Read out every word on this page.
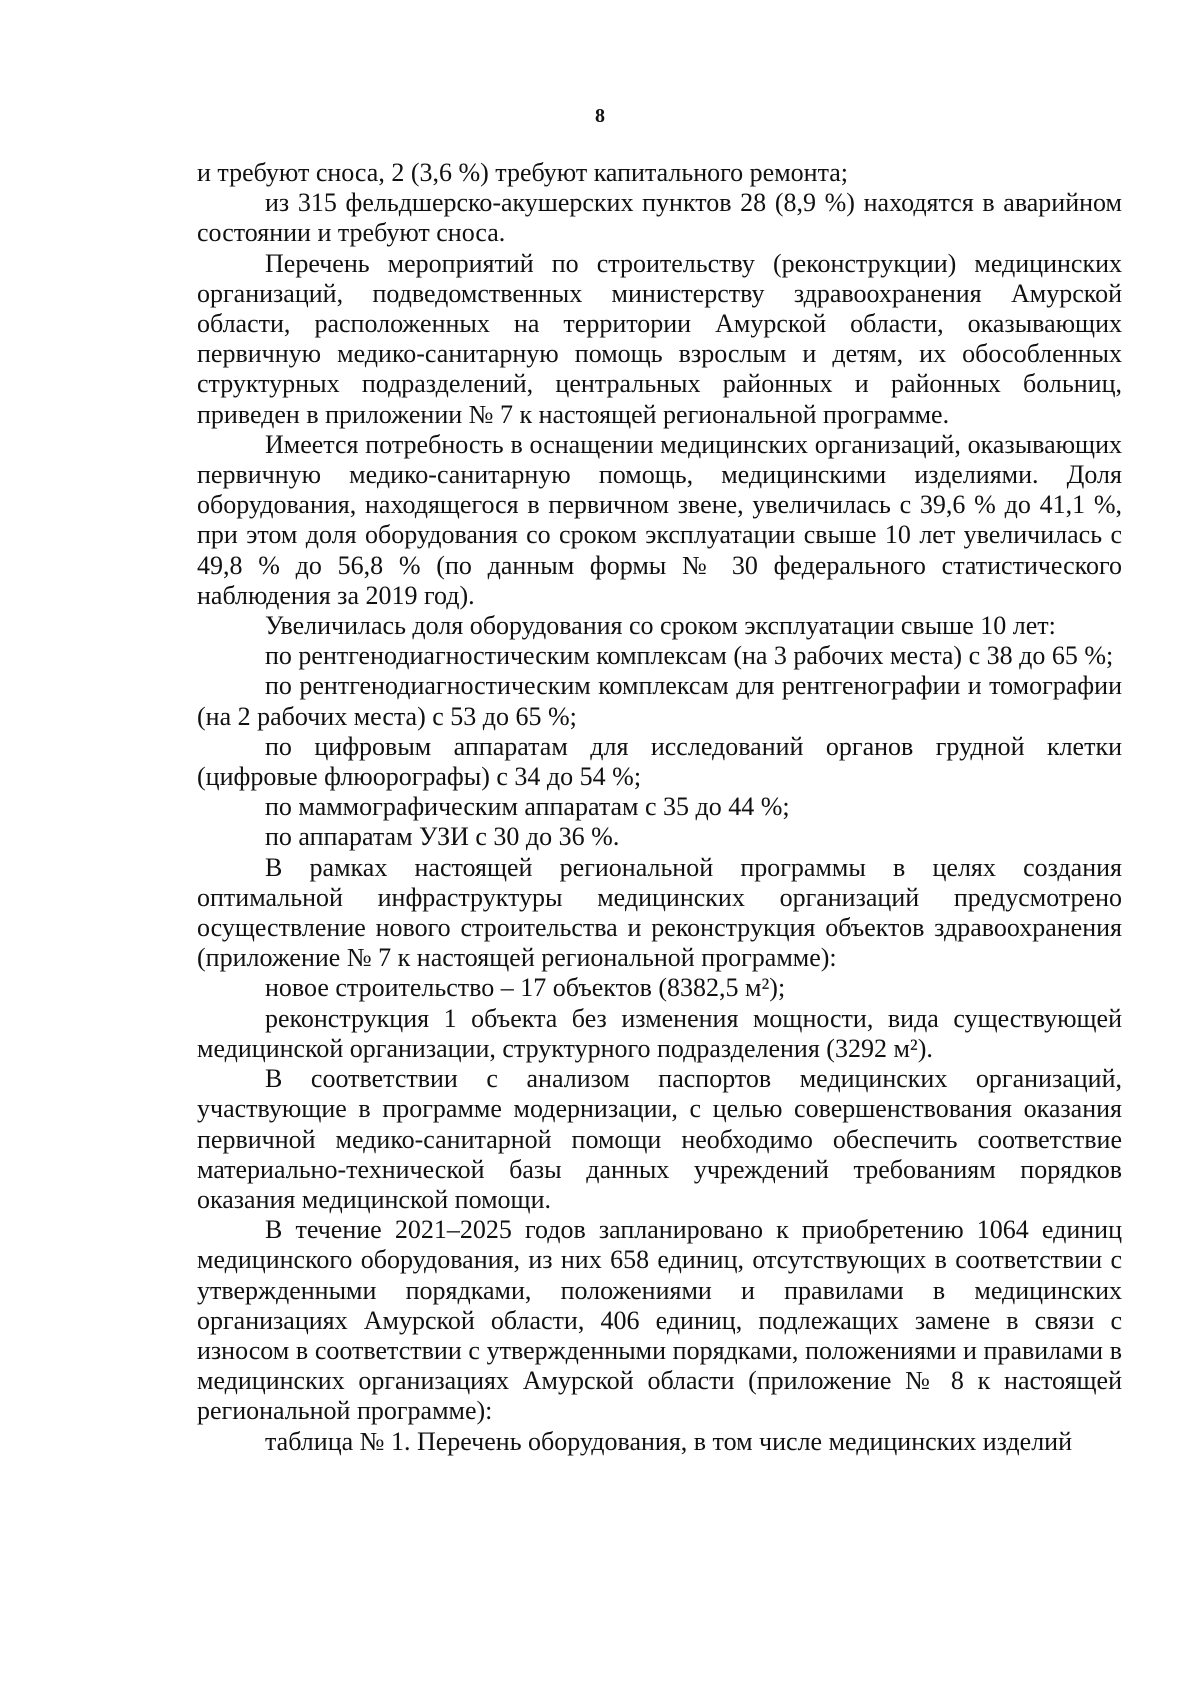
8

и требуют сноса, 2 (3,6 %) требуют капитального ремонта;

из 315 фельдшерско-акушерских пунктов 28 (8,9 %) находятся в аварийном состоянии и требуют сноса.

Перечень мероприятий по строительству (реконструкции) медицинских организаций, подведомственных министерству здравоохранения Амурской области, расположенных на территории Амурской области, оказывающих первичную медико-санитарную помощь взрослым и детям, их обособленных структурных подразделений, центральных районных и районных больниц, приведен в приложении № 7 к настоящей региональной программе.

Имеется потребность в оснащении медицинских организаций, оказывающих первичную медико-санитарную помощь, медицинскими изделиями. Доля оборудования, находящегося в первичном звене, увеличилась с 39,6 % до 41,1 %, при этом доля оборудования со сроком эксплуатации свыше 10 лет увеличилась с 49,8 % до 56,8 % (по данным формы № 30 федерального статистического наблюдения за 2019 год).

Увеличилась доля оборудования со сроком эксплуатации свыше 10 лет:

по рентгенодиагностическим комплексам (на 3 рабочих места) с 38 до 65 %;

по рентгенодиагностическим комплексам для рентгенографии и томографии (на 2 рабочих места) с 53 до 65 %;

по цифровым аппаратам для исследований органов грудной клетки (цифровые флюорографы) с 34 до 54 %;

по маммографическим аппаратам с 35 до 44 %;

по аппаратам УЗИ с 30 до 36 %.

В рамках настоящей региональной программы в целях создания оптимальной инфраструктуры медицинских организаций предусмотрено осуществление нового строительства и реконструкция объектов здравоохранения (приложение № 7 к настоящей региональной программе):

новое строительство – 17 объектов (8382,5 м²);

реконструкция 1 объекта без изменения мощности, вида существующей медицинской организации, структурного подразделения (3292 м²).

В соответствии с анализом паспортов медицинских организаций, участвующие в программе модернизации, с целью совершенствования оказания первичной медико-санитарной помощи необходимо обеспечить соответствие материально-технической базы данных учреждений требованиям порядков оказания медицинской помощи.

В течение 2021–2025 годов запланировано к приобретению 1064 единиц медицинского оборудования, из них 658 единиц, отсутствующих в соответствии с утвержденными порядками, положениями и правилами в медицинских организациях Амурской области, 406 единиц, подлежащих замене в связи с износом в соответствии с утвержденными порядками, положениями и правилами в медицинских организациях Амурской области (приложение № 8 к настоящей региональной программе):

таблица № 1. Перечень оборудования, в том числе медицинских изделий
